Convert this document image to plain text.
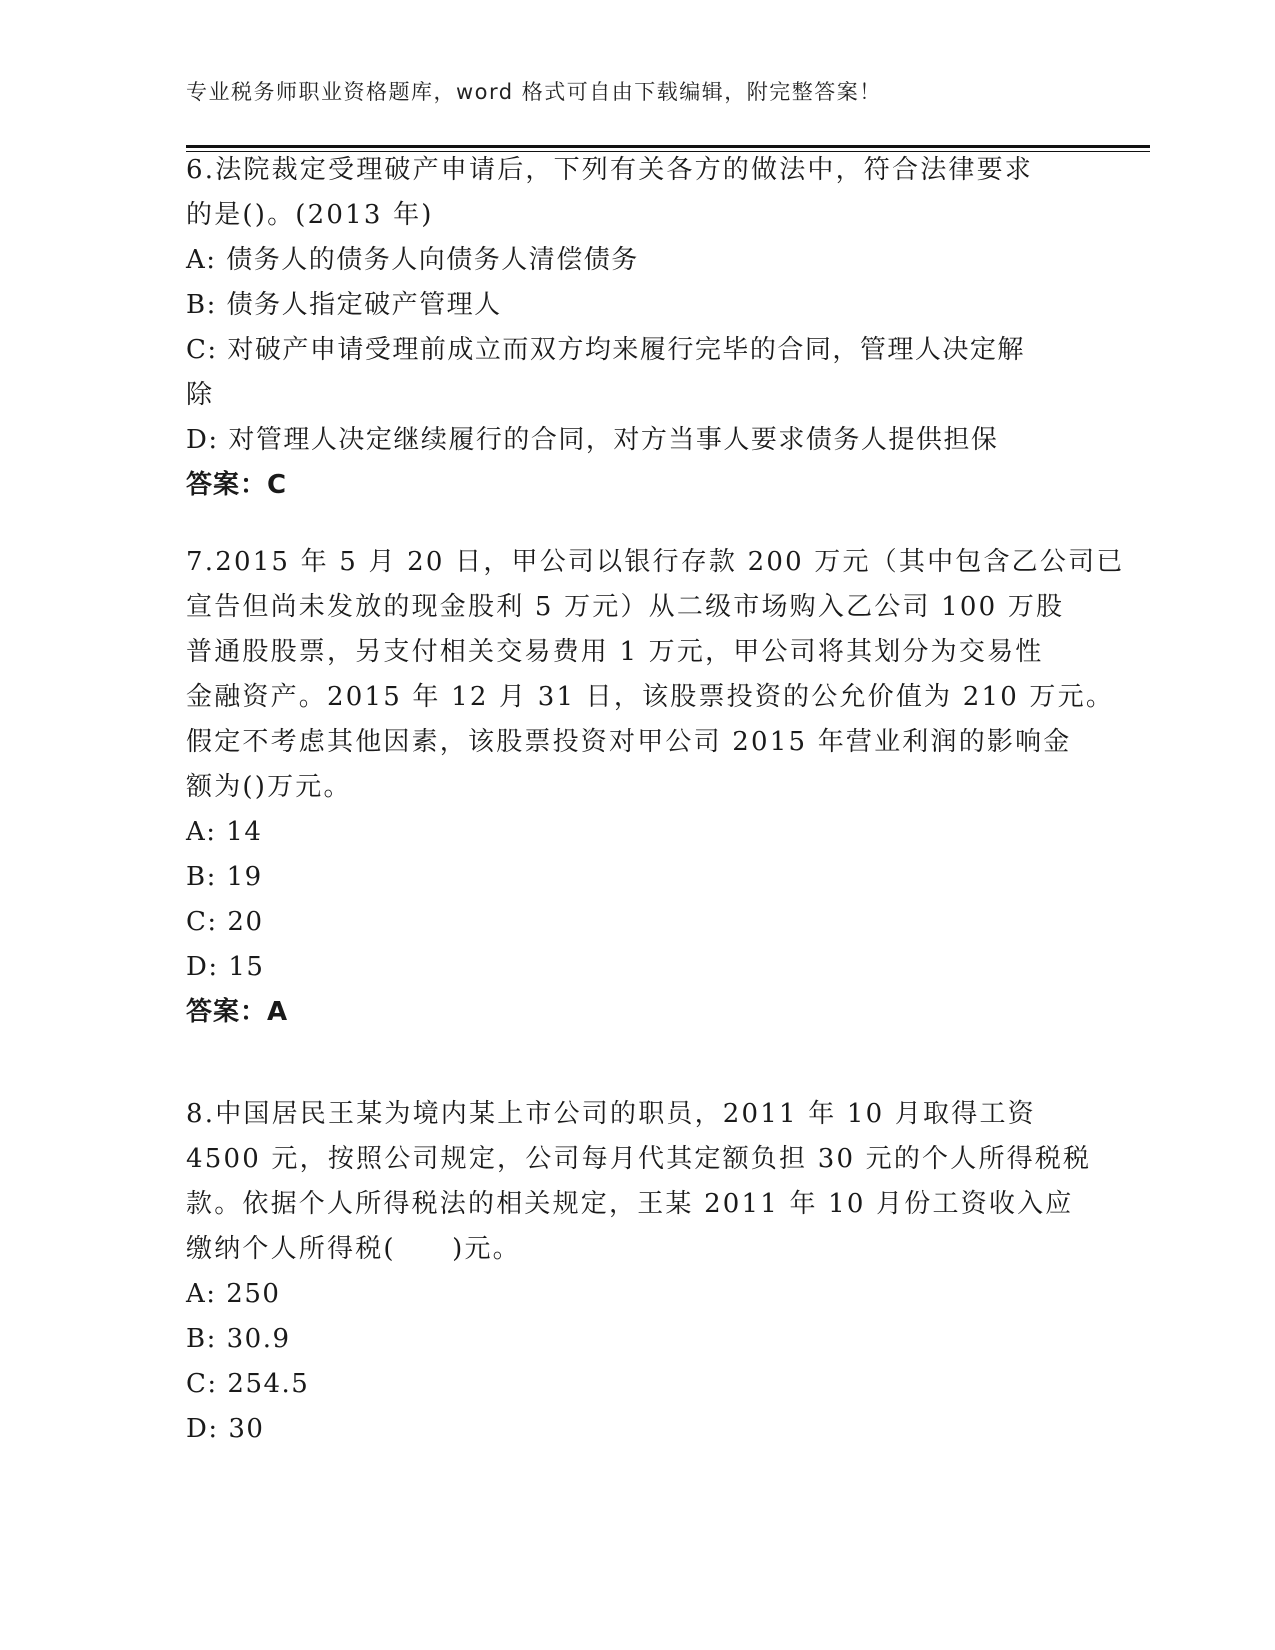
专业税务师职业资格题库，word 格式可自由下载编辑，附完整答案！
6.法院裁定受理破产申请后，下列有关各方的做法中，符合法律要求
的是()。(2013 年)
A: 债务人的债务人向债务人清偿债务
B: 债务人指定破产管理人
C: 对破产申请受理前成立而双方均来履行完毕的合同，管理人决定解
除
D: 对管理人决定继续履行的合同，对方当事人要求债务人提供担保
答案：C
7.2015 年 5 月 20 日，甲公司以银行存款 200 万元（其中包含乙公司已
宣告但尚未发放的现金股利 5 万元）从二级市场购入乙公司 100 万股
普通股股票，另支付相关交易费用 1 万元，甲公司将其划分为交易性
金融资产。2015 年 12 月 31 日，该股票投资的公允价值为 210 万元。
假定不考虑其他因素，该股票投资对甲公司 2015 年营业利润的影响金
额为()万元。
A: 14
B: 19
C: 20
D: 15
答案：A
8.中国居民王某为境内某上市公司的职员，2011 年 10 月取得工资
4500 元，按照公司规定，公司每月代其定额负担 30 元的个人所得税税
款。依据个人所得税法的相关规定，王某 2011 年 10 月份工资收入应
缴纳个人所得税(　　)元。
A: 250
B: 30.9
C: 254.5
D: 30
